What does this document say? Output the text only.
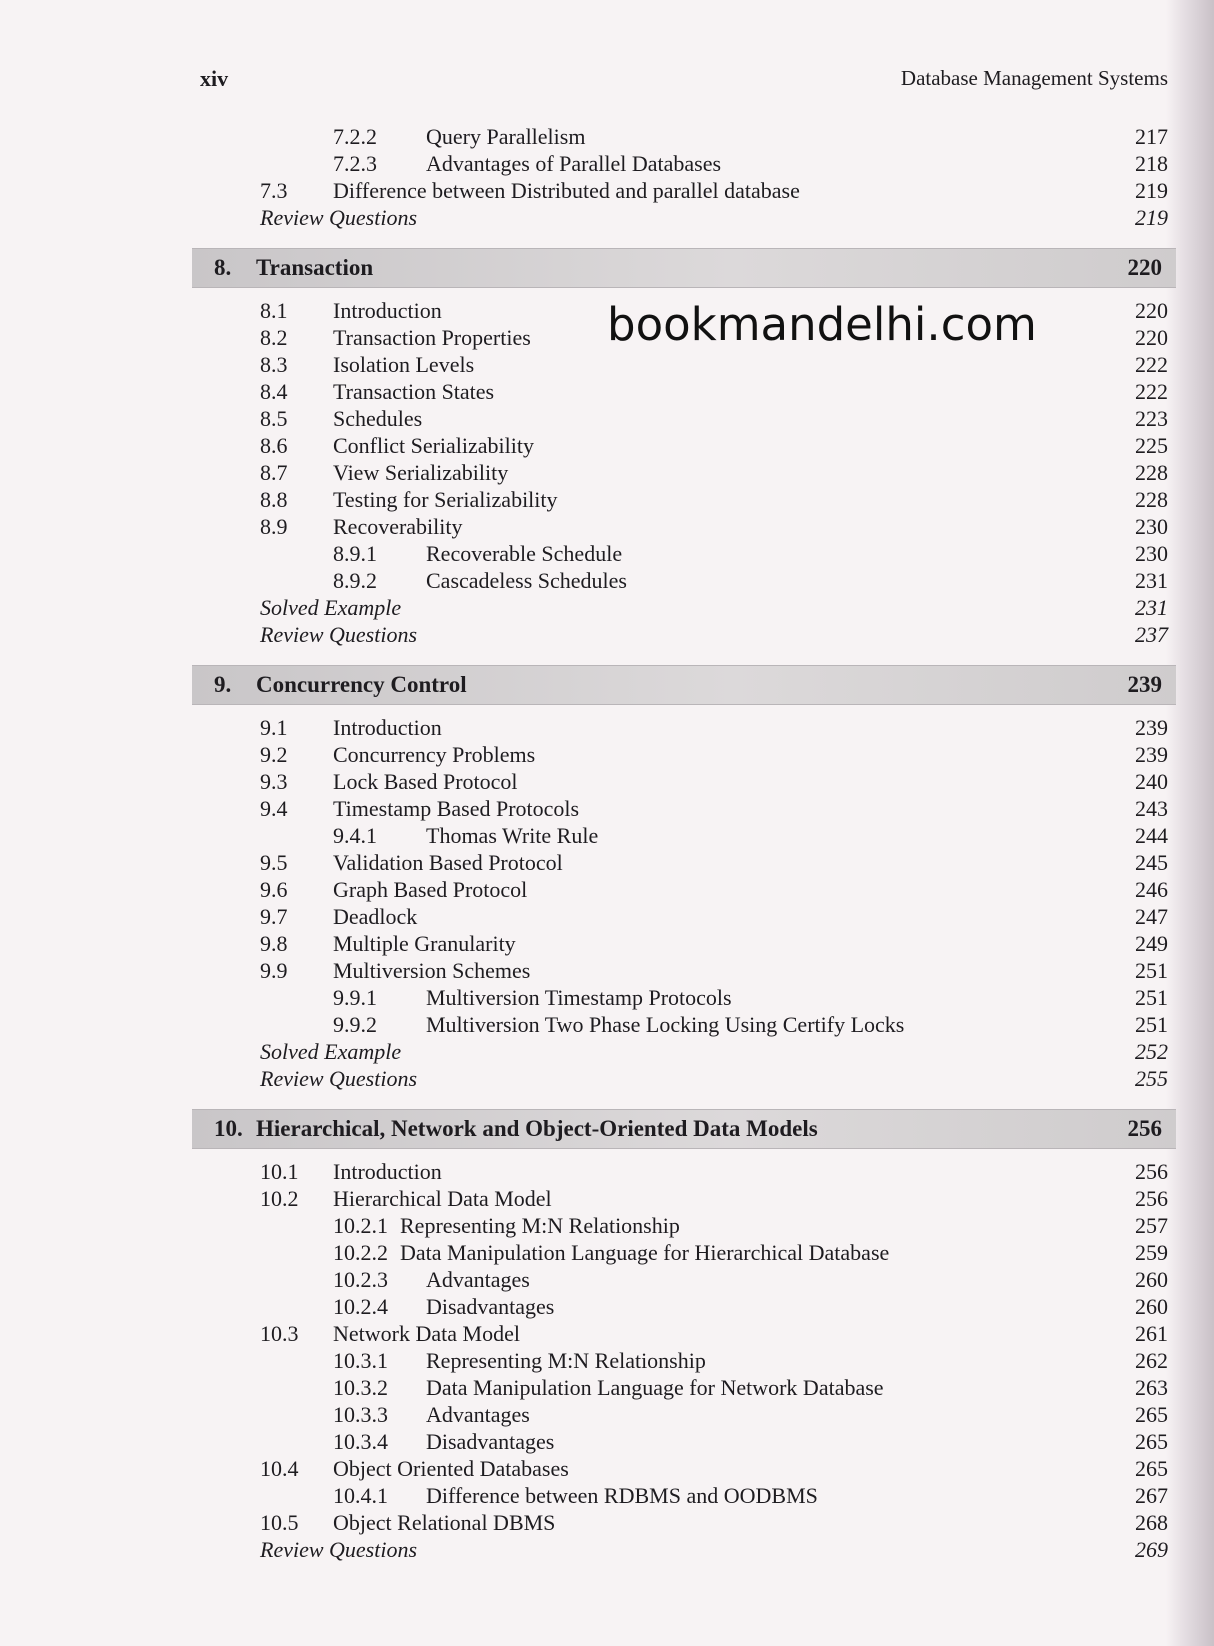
xiv	Database Management Systems
bookmandelhi.com
7.2.2 Query Parallelism	217
7.2.3 Advantages of Parallel Databases	218
7.3 Difference between Distributed and parallel database	219
Review Questions	219
8. Transaction	220
8.1 Introduction	220
8.2 Transaction Properties	220
8.3 Isolation Levels	222
8.4 Transaction States	222
8.5 Schedules	223
8.6 Conflict Serializability	225
8.7 View Serializability	228
8.8 Testing for Serializability	228
8.9 Recoverability	230
8.9.1 Recoverable Schedule	230
8.9.2 Cascadeless Schedules	231
Solved Example	231
Review Questions	237
9. Concurrency Control	239
9.1 Introduction	239
9.2 Concurrency Problems	239
9.3 Lock Based Protocol	240
9.4 Timestamp Based Protocols	243
9.4.1 Thomas Write Rule	244
9.5 Validation Based Protocol	245
9.6 Graph Based Protocol	246
9.7 Deadlock	247
9.8 Multiple Granularity	249
9.9 Multiversion Schemes	251
9.9.1 Multiversion Timestamp Protocols	251
9.9.2 Multiversion Two Phase Locking Using Certify Locks	251
Solved Example	252
Review Questions	255
10. Hierarchical, Network and Object-Oriented Data Models	256
10.1 Introduction	256
10.2 Hierarchical Data Model	256
10.2.1 Representing M:N Relationship	257
10.2.2 Data Manipulation Language for Hierarchical Database	259
10.2.3 Advantages	260
10.2.4 Disadvantages	260
10.3 Network Data Model	261
10.3.1 Representing M:N Relationship	262
10.3.2 Data Manipulation Language for Network Database	263
10.3.3 Advantages	265
10.3.4 Disadvantages	265
10.4 Object Oriented Databases	265
10.4.1 Difference between RDBMS and OODBMS	267
10.5 Object Relational DBMS	268
Review Questions	269
